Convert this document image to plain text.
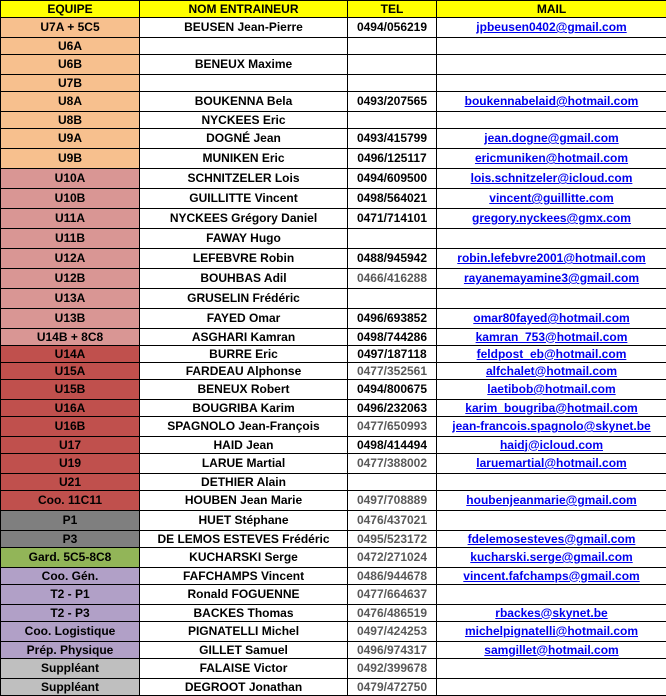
EQUIPE	NOM ENTRAINEUR	TEL	MAIL
U7A + 5C5	BEUSEN Jean-Pierre	0494/056219	jpbeusen0402@gmail.com
U6A			
U6B	BENEUX Maxime		
U7B			
U8A	BOUKENNA Bela	0493/207565	boukennabelaid@hotmail.com
U8B	NYCKEES Eric		
U9A	DOGNÉ Jean	0493/415799	jean.dogne@gmail.com
U9B	MUNIKEN Eric	0496/125117	ericmuniken@hotmail.com
U10A	SCHNITZELER Lois	0494/609500	lois.schnitzeler@icloud.com
U10B	GUILLITTE Vincent	0498/564021	vincent@guillitte.com
U11A	NYCKEES Grégory Daniel	0471/714101	gregory.nyckees@gmx.com
U11B	FAWAY Hugo		
U12A	LEFEBVRE Robin	0488/945942	robin.lefebvre2001@hotmail.com
U12B	BOUHBAS Adil	0466/416288	rayanemayamine3@gmail.com
U13A	GRUSELIN Frédéric		
U13B	FAYED Omar	0496/693852	omar80fayed@hotmail.com
U14B + 8C8	ASGHARI Kamran	0498/744286	kamran_753@hotmail.com
U14A	BURRE Eric	0497/187118	feldpost_eb@hotmail.com
U15A	FARDEAU Alphonse	0477/352561	alfchalet@hotmail.com
U15B	BENEUX Robert	0494/800675	laetibob@hotmail.com
U16A	BOUGRIBA Karim	0496/232063	karim_bougriba@hotmail.com
U16B	SPAGNOLO Jean-François	0477/650993	jean-francois.spagnolo@skynet.be
U17	HAID Jean	0498/414494	haidj@icloud.com
U19	LARUE Martial	0477/388002	laruemartial@hotmail.com
U21	DETHIER Alain		
Coo. 11C11	HOUBEN Jean Marie	0497/708889	houbenjeanmarie@gmail.com
P1	HUET Stéphane	0476/437021	
P3	DE LEMOS ESTEVES Frédéric	0495/523172	fdelemosesteves@gmail.com
Gard. 5C5-8C8	KUCHARSKI Serge	0472/271024	kucharski.serge@gmail.com
Coo. Gén.	FAFCHAMPS Vincent	0486/944678	vincent.fafchamps@gmail.com
T2 - P1	Ronald FOGUENNE	0477/664637	
T2 - P3	BACKES Thomas	0476/486519	rbackes@skynet.be
Coo. Logistique	PIGNATELLI Michel	0497/424253	michelpignatelli@hotmail.com
Prép. Physique	GILLET Samuel	0496/974317	samgillet@hotmail.com
Suppléant	FALAISE Victor	0492/399678	
Suppléant	DEGROOT Jonathan	0479/472750	
